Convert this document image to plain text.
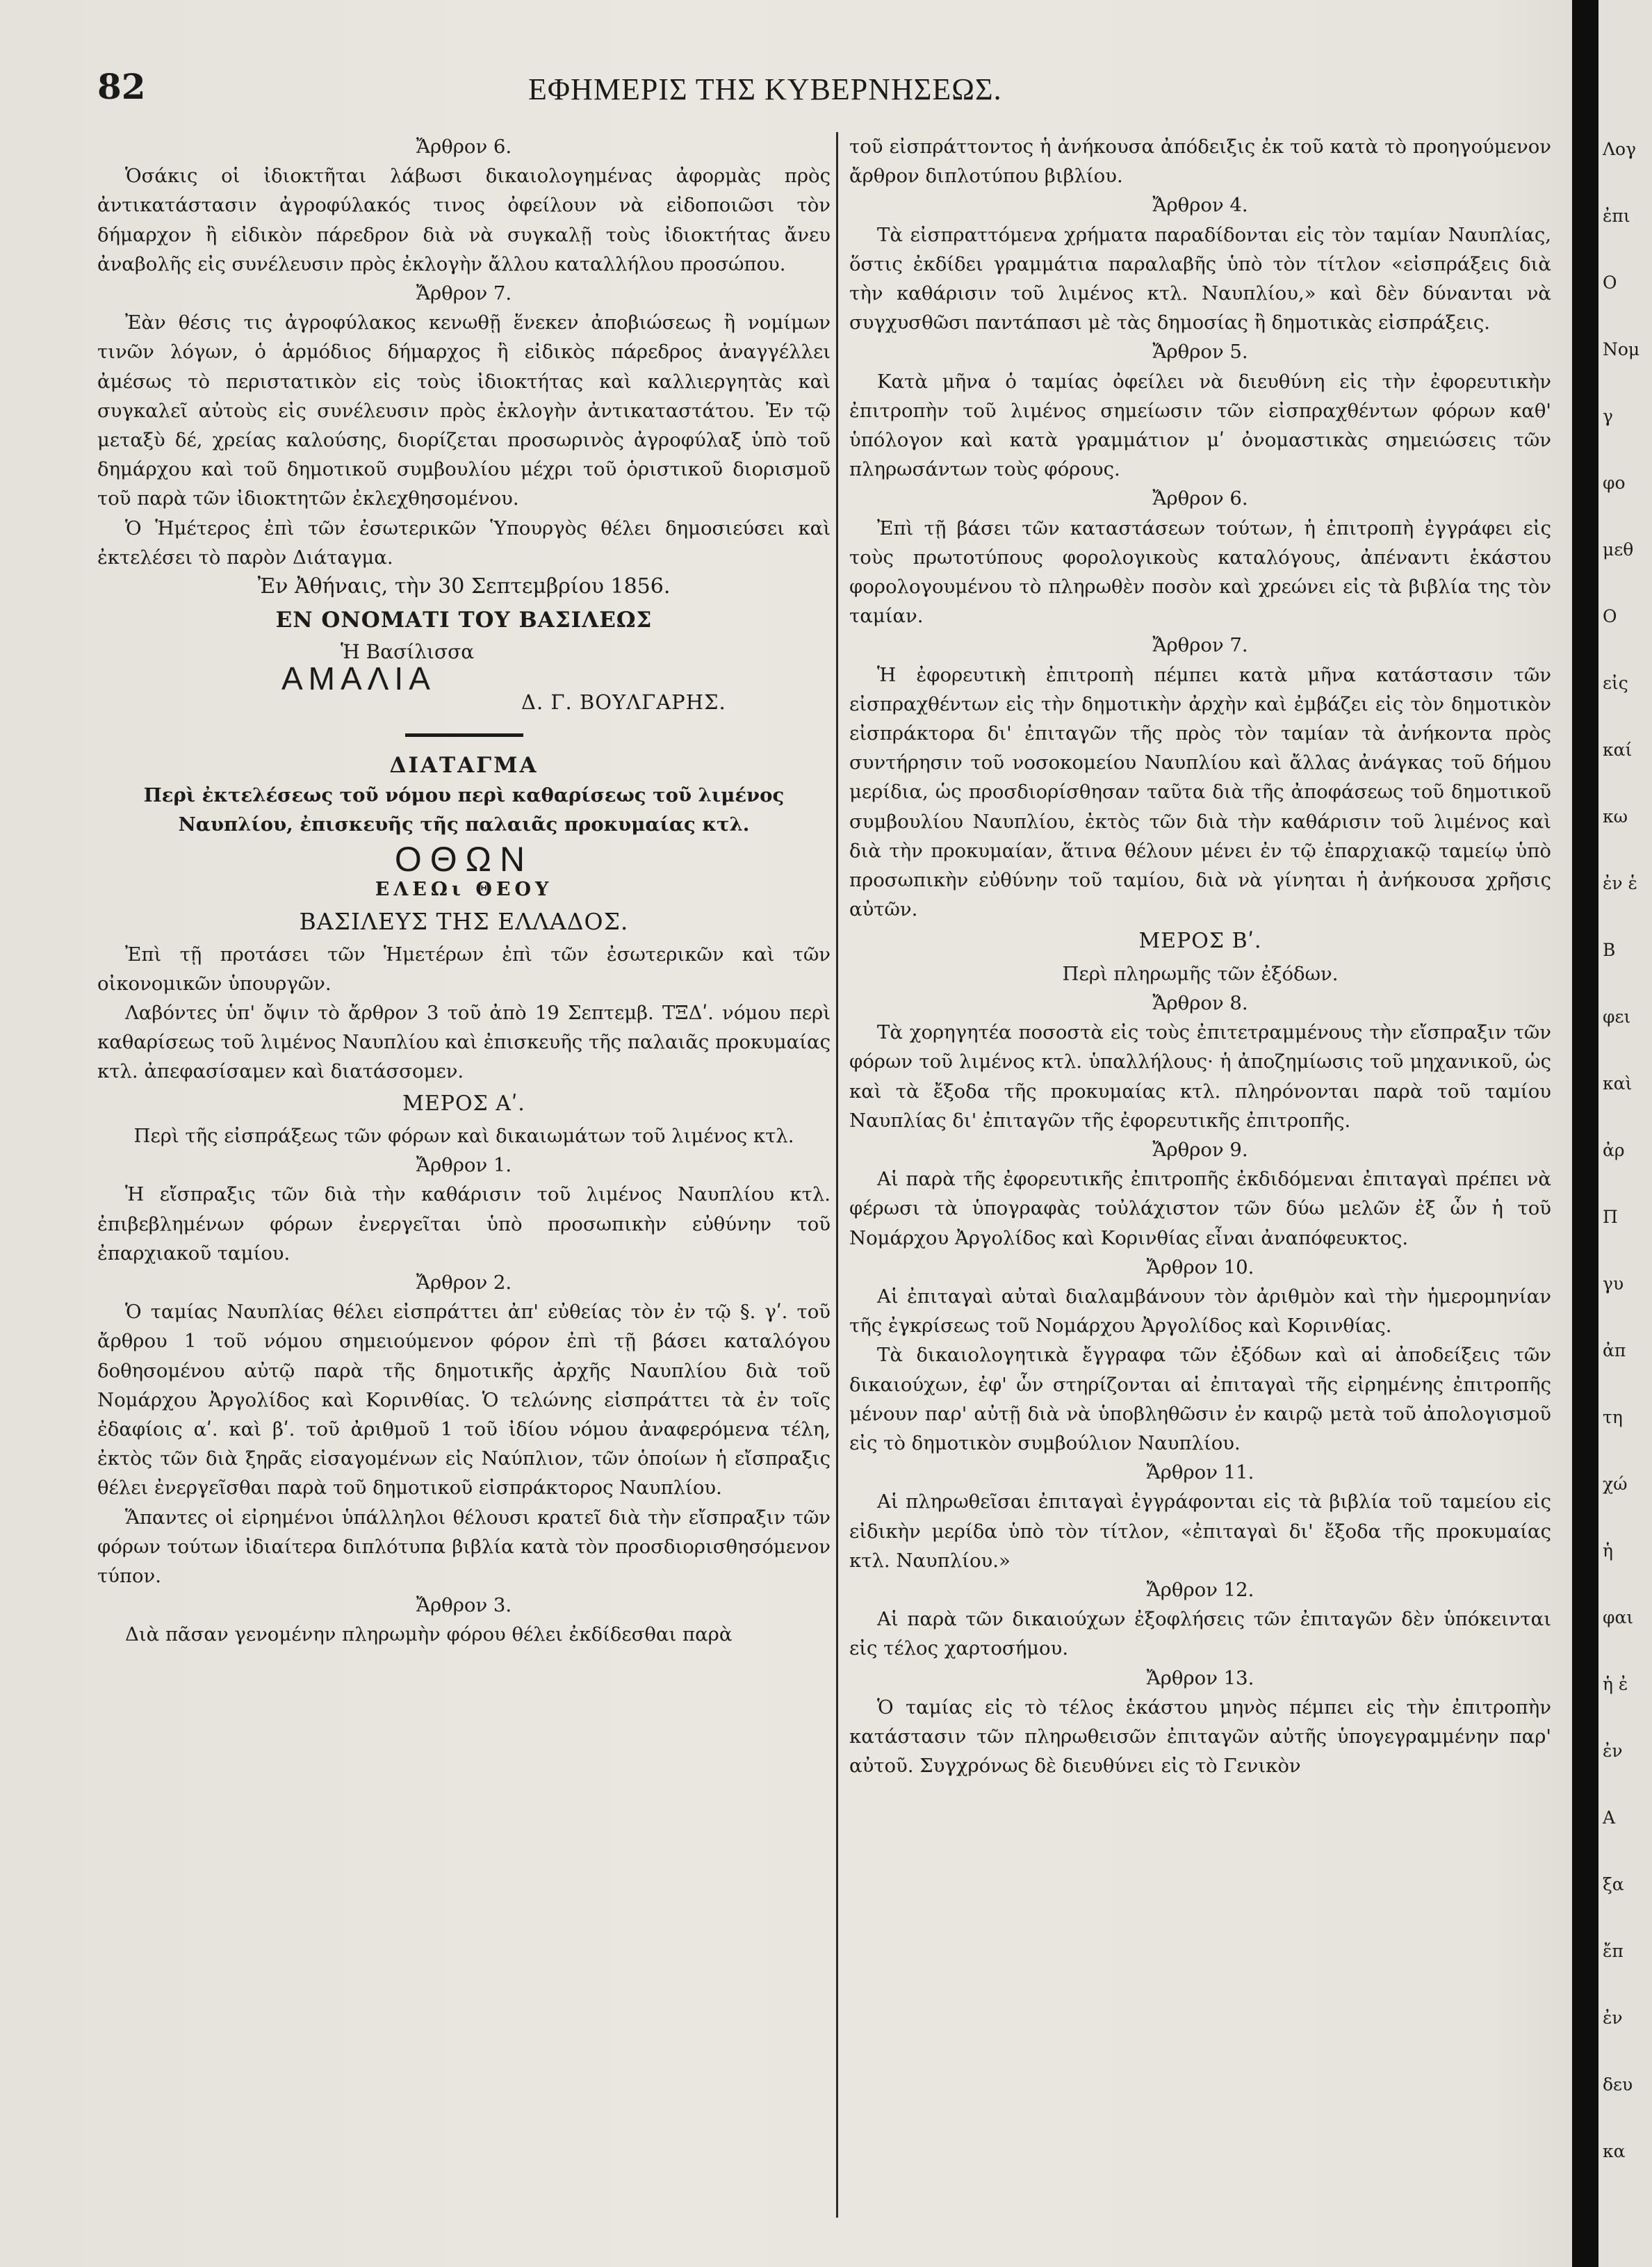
82	ΕΦΗΜΕΡΙΣ ΤΗΣ ΚΥΒΕΡΝΗΣΕΩΣ.

Ἄρθρον 6.

Ὁσάκις οἱ ἰδιοκτῆται λάβωσι δικαιολογημένας ἀφορμὰς πρὸς ἀντικατάστασιν ἀγροφύλακός τινος ὀφείλουν νὰ εἰδοποιῶσι τὸν δήμαρχον ἢ εἰδικὸν πάρεδρον διὰ νὰ συγκαλῇ τοὺς ἰδιοκτήτας ἄνευ ἀναβολῆς εἰς συνέλευσιν πρὸς ἐκλογὴν ἄλλου καταλλήλου προσώπου.

Ἄρθρον 7.

Ἐὰν θέσις τις ἀγροφύλακος κενωθῇ ἕνεκεν ἀποβιώσεως ἢ νομίμων τινῶν λόγων, ὁ ἁρμόδιος δήμαρχος ἢ εἰδικὸς πάρεδρος ἀναγγέλλει ἀμέσως τὸ περιστατικὸν εἰς τοὺς ἰδιοκτήτας καὶ καλλιεργητὰς καὶ συγκαλεῖ αὐτοὺς εἰς συνέλευσιν πρὸς ἐκλογὴν ἀντικαταστάτου. Ἐν τῷ μεταξὺ δέ, χρείας καλούσης, διορίζεται προσωρινὸς ἀγροφύλαξ ὑπὸ τοῦ δημάρχου καὶ τοῦ δημοτικοῦ συμβουλίου μέχρι τοῦ ὁριστικοῦ διορισμοῦ τοῦ παρὰ τῶν ἰδιοκτητῶν ἐκλεχθησομένου.

Ὁ Ἡμέτερος ἐπὶ τῶν ἐσωτερικῶν Ὑπουργὸς θέλει δημοσιεύσει καὶ ἐκτελέσει τὸ παρὸν Διάταγμα.

Ἐν Ἀθήναις, τὴν 30 Σεπτεμβρίου 1856.

ΕΝ ΟΝΟΜΑΤΙ ΤΟΥ ΒΑΣΙΛΕΩΣ

Ἡ Βασίλισσα
ΑΜΑΛΙΑ
Δ. Γ. ΒΟΥΛΓΑΡΗΣ.

ΔΙΑΤΑΓΜΑ

Περὶ ἐκτελέσεως τοῦ νόμου περὶ καθαρίσεως τοῦ λιμένος Ναυπλίου, ἐπισκευῆς τῆς παλαιᾶς προκυμαίας κτλ.

ΟΘΩΝ

ΕΛΕΩι ΘΕΟΥ

ΒΑΣΙΛΕΥΣ ΤΗΣ ΕΛΛΑΔΟΣ.

Ἐπὶ τῇ προτάσει τῶν Ἡμετέρων ἐπὶ τῶν ἐσωτερικῶν καὶ τῶν οἰκονομικῶν ὑπουργῶν.

Λαβόντες ὑπ' ὄψιν τὸ ἄρθρον 3 τοῦ ἀπὸ 19 Σεπτεμβ. ΤΞΔʹ. νόμου περὶ καθαρίσεως τοῦ λιμένος Ναυπλίου καὶ ἐπισκευῆς τῆς παλαιᾶς προκυμαίας κτλ. ἀπεφασίσαμεν καὶ διατάσσομεν.

ΜΕΡΟΣ Αʹ.

Περὶ τῆς εἰσπράξεως τῶν φόρων καὶ δικαιωμάτων τοῦ λιμένος κτλ.

Ἄρθρον 1.

Ἡ εἴσπραξις τῶν διὰ τὴν καθάρισιν τοῦ λιμένος Ναυπλίου κτλ. ἐπιβεβλημένων φόρων ἐνεργεῖται ὑπὸ προσωπικὴν εὐθύνην τοῦ ἐπαρχιακοῦ ταμίου.

Ἄρθρον 2.

Ὁ ταμίας Ναυπλίας θέλει εἰσπράττει ἀπ' εὐθείας τὸν ἐν τῷ §. γʹ. τοῦ ἄρθρου 1 τοῦ νόμου σημειούμενον φόρον ἐπὶ τῇ βάσει καταλόγου δοθησομένου αὐτῷ παρὰ τῆς δημοτικῆς ἀρχῆς Ναυπλίου διὰ τοῦ Νομάρχου Ἀργολίδος καὶ Κορινθίας. Ὁ τελώνης εἰσπράττει τὰ ἐν τοῖς ἐδαφίοις αʹ. καὶ βʹ. τοῦ ἀριθμοῦ 1 τοῦ ἰδίου νόμου ἀναφερόμενα τέλη, ἐκτὸς τῶν διὰ ξηρᾶς εἰσαγομένων εἰς Ναύπλιον, τῶν ὁποίων ἡ εἴσπραξις θέλει ἐνεργεῖσθαι παρὰ τοῦ δημοτικοῦ εἰσπράκτορος Ναυπλίου.

Ἅπαντες οἱ εἰρημένοι ὑπάλληλοι θέλουσι κρατεῖ διὰ τὴν εἴσπραξιν τῶν φόρων τούτων ἰδιαίτερα διπλότυπα βιβλία κατὰ τὸν προσδιορισθησόμενον τύπον.

Ἄρθρον 3.

Διὰ πᾶσαν γενομένην πληρωμὴν φόρου θέλει ἐκδίδεσθαι παρὰ

τοῦ εἰσπράττοντος ἡ ἀνήκουσα ἀπόδειξις ἐκ τοῦ κατὰ τὸ προηγούμενον ἄρθρον διπλοτύπου βιβλίου.

Ἄρθρον 4.

Τὰ εἰσπραττόμενα χρήματα παραδίδονται εἰς τὸν ταμίαν Ναυπλίας, ὅστις ἐκδίδει γραμμάτια παραλαβῆς ὑπὸ τὸν τίτλον «εἰσπράξεις διὰ τὴν καθάρισιν τοῦ λιμένος κτλ. Ναυπλίου,» καὶ δὲν δύνανται νὰ συγχυσθῶσι παντάπασι μὲ τὰς δημοσίας ἢ δημοτικὰς εἰσπράξεις.

Ἄρθρον 5.

Κατὰ μῆνα ὁ ταμίας ὀφείλει νὰ διευθύνη εἰς τὴν ἐφορευτικὴν ἐπιτροπὴν τοῦ λιμένος σημείωσιν τῶν εἰσπραχθέντων φόρων καθ' ὑπόλογον καὶ κατὰ γραμμάτιον μʹ ὀνομαστικὰς σημειώσεις τῶν πληρωσάντων τοὺς φόρους.

Ἄρθρον 6.

Ἐπὶ τῇ βάσει τῶν καταστάσεων τούτων, ἡ ἐπιτροπὴ ἐγγράφει εἰς τοὺς πρωτοτύπους φορολογικοὺς καταλόγους, ἀπέναντι ἑκάστου φορολογουμένου τὸ πληρωθὲν ποσὸν καὶ χρεώνει εἰς τὰ βιβλία της τὸν ταμίαν.

Ἄρθρον 7.

Ἡ ἐφορευτικὴ ἐπιτροπὴ πέμπει κατὰ μῆνα κατάστασιν τῶν εἰσπραχθέντων εἰς τὴν δημοτικὴν ἀρχὴν καὶ ἐμβάζει εἰς τὸν δημοτικὸν εἰσπράκτορα δι' ἐπιταγῶν τῆς πρὸς τὸν ταμίαν τὰ ἀνήκοντα πρὸς συντήρησιν τοῦ νοσοκομείου Ναυπλίου καὶ ἄλλας ἀνάγκας τοῦ δήμου μερίδια, ὡς προσδιορίσθησαν ταῦτα διὰ τῆς ἀποφάσεως τοῦ δημοτικοῦ συμβουλίου Ναυπλίου, ἐκτὸς τῶν διὰ τὴν καθάρισιν τοῦ λιμένος καὶ διὰ τὴν προκυμαίαν, ἅτινα θέλουν μένει ἐν τῷ ἐπαρχιακῷ ταμείῳ ὑπὸ προσωπικὴν εὐθύνην τοῦ ταμίου, διὰ νὰ γίνηται ἡ ἀνήκουσα χρῆσις αὐτῶν.

ΜΕΡΟΣ Βʹ.

Περὶ πληρωμῆς τῶν ἐξόδων.

Ἄρθρον 8.

Τὰ χορηγητέα ποσοστὰ εἰς τοὺς ἐπιτετραμμένους τὴν εἴσπραξιν τῶν φόρων τοῦ λιμένος κτλ. ὑπαλλήλους· ἡ ἀποζημίωσις τοῦ μηχανικοῦ, ὡς καὶ τὰ ἔξοδα τῆς προκυμαίας κτλ. πληρόνονται παρὰ τοῦ ταμίου Ναυπλίας δι' ἐπιταγῶν τῆς ἐφορευτικῆς ἐπιτροπῆς.

Ἄρθρον 9.

Αἱ παρὰ τῆς ἐφορευτικῆς ἐπιτροπῆς ἐκδιδόμεναι ἐπιταγαὶ πρέπει νὰ φέρωσι τὰ ὑπογραφὰς τοὐλάχιστον τῶν δύω μελῶν ἐξ ὧν ἡ τοῦ Νομάρχου Ἀργολίδος καὶ Κορινθίας εἶναι ἀναπόφευκτος.

Ἄρθρον 10.

Αἱ ἐπιταγαὶ αὐταὶ διαλαμβάνουν τὸν ἀριθμὸν καὶ τὴν ἡμερομηνίαν τῆς ἐγκρίσεως τοῦ Νομάρχου Ἀργολίδος καὶ Κορινθίας.

Τὰ δικαιολογητικὰ ἔγγραφα τῶν ἐξόδων καὶ αἱ ἀποδείξεις τῶν δικαιούχων, ἐφ' ὧν στηρίζονται αἱ ἐπιταγαὶ τῆς εἰρημένης ἐπιτροπῆς μένουν παρ' αὐτῇ διὰ νὰ ὑποβληθῶσιν ἐν καιρῷ μετὰ τοῦ ἀπολογισμοῦ εἰς τὸ δημοτικὸν συμβούλιον Ναυπλίου.

Ἄρθρον 11.

Αἱ πληρωθεῖσαι ἐπιταγαὶ ἐγγράφονται εἰς τὰ βιβλία τοῦ ταμείου εἰς εἰδικὴν μερίδα ὑπὸ τὸν τίτλον, «ἐπιταγαὶ δι' ἔξοδα τῆς προκυμαίας κτλ. Ναυπλίου.»

Ἄρθρον 12.

Αἱ παρὰ τῶν δικαιούχων ἐξοφλήσεις τῶν ἐπιταγῶν δὲν ὑπόκεινται εἰς τέλος χαρτοσήμου.

Ἄρθρον 13.

Ὁ ταμίας εἰς τὸ τέλος ἑκάστου μηνὸς πέμπει εἰς τὴν ἐπιτροπὴν κατάστασιν τῶν πληρωθεισῶν ἐπιταγῶν αὐτῆς ὑπογεγραμμένην παρ' αὐτοῦ. Συγχρόνως δὲ διευθύνει εἰς τὸ Γενικὸν

Λογ
ἐπι
Ο
Νομ
γ
φο
μεθ
Ο
εἰς
καί
κω
ἐν ἑ
Β
φει
καὶ
ἀρ
Π
γυ
ἀπ
τη
χώ
ἡ
φαι
ἡ ἐ
ἐν
Α
ξα
ἔπ
ἐν
δευ
κα
